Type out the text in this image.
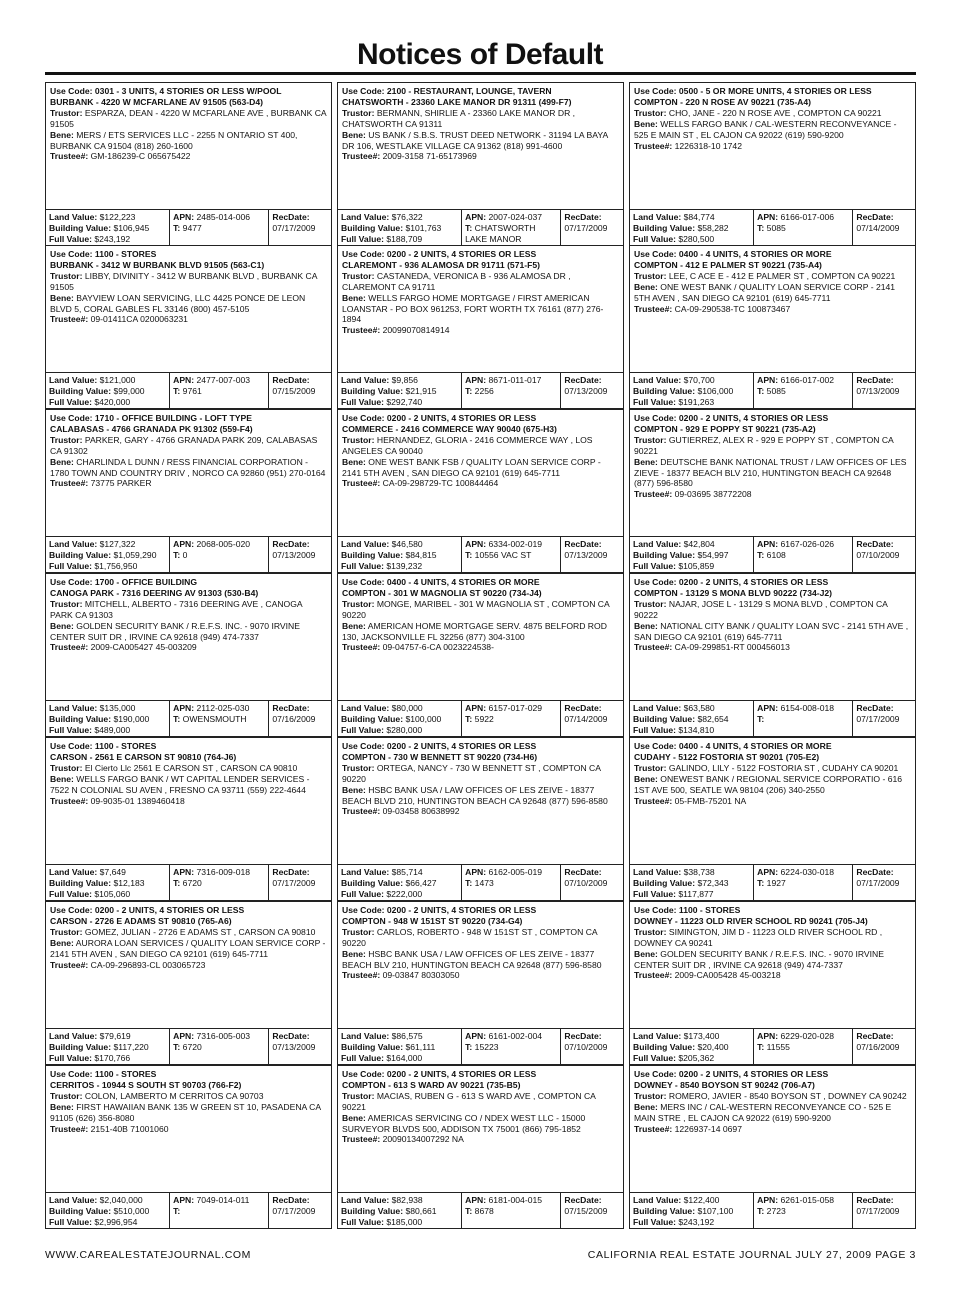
Notices of Default
Use Code: 0301 - 3 UNITS, 4 STORIES OR LESS W/POOL
BURBANK - 4220 W MCFARLANE AV 91505 (563-D4)
Trustor: ESPARZA, DEAN - 4220 W MCFARLANE AVE , BURBANK CA 91505
Bene: MERS / ETS SERVICES LLC - 2255 N ONTARIO ST 400, BURBANK CA 91504 (818) 260-1600
Trustee#: GM-186239-C 065675422
Land Value: $122,223
Building Value: $106,945
Full Value: $243,192
APN: 2485-014-006
T: 9477
RecDate:
07/17/2009
Use Code: 1100 - STORES
BURBANK - 3412 W BURBANK BLVD 91505 (563-C1)
Trustor: LIBBY, DIVINITY - 3412 W BURBANK BLVD , BURBANK CA 91505
Bene: BAYVIEW LOAN SERVICING, LLC 4425 PONCE DE LEON BLVD 5, CORAL GABLES FL 33146 (800) 457-5105
Trustee#: 09-01411CA 0200063231
Land Value: $121,000
Building Value: $99,000
Full Value: $420,000
APN: 2477-007-003
T: 9761
RecDate:
07/15/2009
Use Code: 1710 - OFFICE BUILDING - LOFT TYPE
CALABASAS - 4766 GRANADA PK 91302 (559-F4)
Trustor: PARKER, GARY - 4766 GRANADA PARK 209, CALABASAS CA 91302
Bene: CHARLINDA L DUNN / RESS FINANCIAL CORPORATION - 1780 TOWN AND COUNTRY DRIV , NORCO CA 92860 (951) 270-0164
Trustee#: 73775 PARKER
Land Value: $127,322
Building Value: $1,059,290
Full Value: $1,756,950
APN: 2068-005-020
T: 0
RecDate:
07/13/2009
Use Code: 1700 - OFFICE BUILDING
CANOGA PARK - 7316 DEERING AV 91303 (530-B4)
Trustor: MITCHELL, ALBERTO - 7316 DEERING AVE , CANOGA PARK CA 91303
Bene: GOLDEN SECURITY BANK / R.E.F.S. INC. - 9070 IRVINE CENTER SUIT DR , IRVINE CA 92618 (949) 474-7337
Trustee#: 2009-CA005427 45-003209
Land Value: $135,000
Building Value: $190,000
Full Value: $489,000
APN: 2112-025-030
T: OWENSMOUTH
RecDate:
07/16/2009
Use Code: 1100 - STORES
CARSON - 2561 E CARSON ST 90810 (764-J6)
Trustor: El Cierto Llc 2561 E CARSON ST , CARSON CA 90810
Bene: WELLS FARGO BANK / WT CAPITAL LENDER SERVICES - 7522 N COLONIAL SU AVEN , FRESNO CA 93711 (559) 222-4644
Trustee#: 09-9035-01 1389460418
Land Value: $7,649
Building Value: $12,183
Full Value: $105,060
APN: 7316-009-018
T: 6720
RecDate:
07/17/2009
Use Code: 0200 - 2 UNITS, 4 STORIES OR LESS
CARSON - 2726 E ADAMS ST 90810 (765-A6)
Trustor: GOMEZ, JULIAN - 2726 E ADAMS ST , CARSON CA 90810
Bene: AURORA LOAN SERVICES / QUALITY LOAN SERVICE CORP - 2141 5TH AVEN , SAN DIEGO CA 92101 (619) 645-7711
Trustee#: CA-09-296893-CL 003065723
Land Value: $79,619
Building Value: $117,220
Full Value: $170,766
APN: 7316-005-003
T: 6720
RecDate:
07/13/2009
Use Code: 1100 - STORES
CERRITOS - 10944 S SOUTH ST 90703 (766-F2)
Trustor: COLON, LAMBERTO M CERRITOS CA 90703
Bene: FIRST HAWAIIAN BANK 135 W GREEN ST 10, PASADENA CA 91105 (626) 356-8080
Trustee#: 2151-40B 71001060
Land Value: $2,040,000
Building Value: $510,000
Full Value: $2,996,954
APN: 7049-014-011
T:
RecDate:
07/17/2009
Use Code: 2100 - RESTAURANT, LOUNGE, TAVERN
CHATSWORTH - 23360 LAKE MANOR DR 91311 (499-F7)
Trustor: BERMANN, SHIRLIE A - 23360 LAKE MANOR DR , CHATSWORTH CA 91311
Bene: US BANK / S.B.S. TRUST DEED NETWORK - 31194 LA BAYA DR 106, WESTLAKE VILLAGE CA 91362 (818) 991-4600
Trustee#: 2009-3158 71-65173969
Land Value: $76,322
Building Value: $101,763
Full Value: $188,709
APN: 2007-024-037
T: CHATSWORTH LAKE MANOR
RecDate:
07/17/2009
Use Code: 0200 - 2 UNITS, 4 STORIES OR LESS
CLAREMONT - 936 ALAMOSA DR 91711 (571-F5)
Trustor: CASTANEDA, VERONICA B - 936 ALAMOSA DR , CLAREMONT CA 91711
Bene: WELLS FARGO HOME MORTGAGE / FIRST AMERICAN LOANSTAR - PO BOX 961253, FORT WORTH TX 76161 (877) 276-1894
Trustee#: 20099070814914
Land Value: $9,856
Building Value: $21,915
Full Value: $292,740
APN: 8671-011-017
T: 2256
RecDate:
07/13/2009
Use Code: 0200 - 2 UNITS, 4 STORIES OR LESS
COMMERCE - 2416 COMMERCE WAY 90040 (675-H3)
Trustor: HERNANDEZ, GLORIA - 2416 COMMERCE WAY , LOS ANGELES CA 90040
Bene: ONE WEST BANK FSB / QUALITY LOAN SERVICE CORP - 2141 5TH AVEN , SAN DIEGO CA 92101 (619) 645-7711
Trustee#: CA-09-298729-TC 100844464
Land Value: $46,580
Building Value: $84,815
Full Value: $139,232
APN: 6334-002-019
T: 10556 VAC ST
RecDate:
07/13/2009
Use Code: 0400 - 4 UNITS, 4 STORIES OR MORE
COMPTON - 301 W MAGNOLIA ST 90220 (734-J4)
Trustor: MONGE, MARIBEL - 301 W MAGNOLIA ST , COMPTON CA 90220
Bene: AMERICAN HOME MORTGAGE SERV. 4875 BELFORD ROD 130, JACKSONVILLE FL 32256 (877) 304-3100
Trustee#: 09-04757-6-CA 0023224538-
Land Value: $80,000
Building Value: $100,000
Full Value: $280,000
APN: 6157-017-029
T: 5922
RecDate:
07/14/2009
Use Code: 0200 - 2 UNITS, 4 STORIES OR LESS
COMPTON - 730 W BENNETT ST 90220 (734-H6)
Trustor: ORTEGA, NANCY - 730 W BENNETT ST , COMPTON CA 90220
Bene: HSBC BANK USA / LAW OFFICES OF LES ZEIVE - 18377 BEACH BLVD 210, HUNTINGTON BEACH CA 92648 (877) 596-8580
Trustee#: 09-03458 80638992
Land Value: $85,714
Building Value: $66,427
Full Value: $222,000
APN: 6162-005-019
T: 1473
RecDate:
07/10/2009
Use Code: 0200 - 2 UNITS, 4 STORIES OR LESS
COMPTON - 948 W 151ST ST 90220 (734-G4)
Trustor: CARLOS, ROBERTO - 948 W 151ST ST , COMPTON CA 90220
Bene: HSBC BANK USA / LAW OFFICES OF LES ZEIVE - 18377 BEACH BLV 210, HUNTINGTON BEACH CA 92648 (877) 596-8580
Trustee#: 09-03847 80303050
Land Value: $86,575
Building Value: $61,111
Full Value: $164,000
APN: 6161-002-004
T: 15223
RecDate:
07/10/2009
Use Code: 0200 - 2 UNITS, 4 STORIES OR LESS
COMPTON - 613 S WARD AV 90221 (735-B5)
Trustor: MACIAS, RUBEN G - 613 S WARD AVE , COMPTON CA 90221
Bene: AMERICAS SERVICING CO / NDEX WEST LLC - 15000 SURVEYOR BLVDS 500, ADDISON TX 75001 (866) 795-1852
Trustee#: 20090134007292 NA
Land Value: $82,938
Building Value: $80,661
Full Value: $185,000
APN: 6181-004-015
T: 8678
RecDate:
07/15/2009
Use Code: 0500 - 5 OR MORE UNITS, 4 STORIES OR LESS
COMPTON - 220 N ROSE AV 90221 (735-A4)
Trustor: CHO, JANE - 220 N ROSE AVE , COMPTON CA 90221
Bene: WELLS FARGO BANK / CAL-WESTERN RECONVEYANCE - 525 E MAIN ST , EL CAJON CA 92022 (619) 590-9200
Trustee#: 1226318-10 1742
Land Value: $84,774
Building Value: $58,282
Full Value: $280,500
APN: 6166-017-006
T: 5085
RecDate:
07/14/2009
Use Code: 0400 - 4 UNITS, 4 STORIES OR MORE
COMPTON - 412 E PALMER ST 90221 (735-A4)
Trustor: LEE, C ACE E - 412 E PALMER ST , COMPTON CA 90221
Bene: ONE WEST BANK / QUALITY LOAN SERVICE CORP - 2141 5TH AVEN , SAN DIEGO CA 92101 (619) 645-7711
Trustee#: CA-09-290538-TC 100873467
Land Value: $70,700
Building Value: $106,000
Full Value: $191,263
APN: 6166-017-002
T: 5085
RecDate:
07/13/2009
Use Code: 0200 - 2 UNITS, 4 STORIES OR LESS
COMPTON - 929 E POPPY ST 90221 (735-A2)
Trustor: GUTIERREZ, ALEX R - 929 E POPPY ST , COMPTON CA 90221
Bene: DEUTSCHE BANK NATIONAL TRUST / LAW OFFICES OF LES ZIEVE - 18377 BEACH BLV 210, HUNTINGTON BEACH CA 92648 (877) 596-8580
Trustee#: 09-03695 38772208
Land Value: $42,804
Building Value: $54,997
Full Value: $105,859
APN: 6167-026-026
T: 6108
RecDate:
07/10/2009
Use Code: 0200 - 2 UNITS, 4 STORIES OR LESS
COMPTON - 13129 S MONA BLVD 90222 (734-J2)
Trustor: NAJAR, JOSE L - 13129 S MONA BLVD , COMPTON CA 90222
Bene: NATIONAL CITY BANK / QUALITY LOAN SVC - 2141 5TH AVE , SAN DIEGO CA 92101 (619) 645-7711
Trustee#: CA-09-299851-RT 000456013
Land Value: $63,580
Building Value: $82,654
Full Value: $134,810
APN: 6154-008-018
T:
RecDate:
07/17/2009
Use Code: 0400 - 4 UNITS, 4 STORIES OR MORE
CUDAHY - 5122 FOSTORIA ST 90201 (705-E2)
Trustor: GALINDO, LILY - 5122 FOSTORIA ST , CUDAHY CA 90201
Bene: ONEWEST BANK / REGIONAL SERVICE CORPORATIO - 616 1ST AVE 500, SEATLE WA 98104 (206) 340-2550
Trustee#: 05-FMB-75201 NA
Land Value: $38,738
Building Value: $72,343
Full Value: $117,877
APN: 6224-030-018
T: 1927
RecDate:
07/17/2009
Use Code: 1100 - STORES
DOWNEY - 11223 OLD RIVER SCHOOL RD 90241 (705-J4)
Trustor: SIMINGTON, JIM D - 11223 OLD RIVER SCHOOL RD , DOWNEY CA 90241
Bene: GOLDEN SECURITY BANK / R.E.F.S. INC. - 9070 IRVINE CENTER SUIT DR , IRVINE CA 92618 (949) 474-7337
Trustee#: 2009-CA005428 45-003218
Land Value: $173,400
Building Value: $20,400
Full Value: $205,362
APN: 6229-020-028
T: 11555
RecDate:
07/16/2009
Use Code: 0200 - 2 UNITS, 4 STORIES OR LESS
DOWNEY - 8540 BOYSON ST 90242 (706-A7)
Trustor: ROMERO, JAVIER - 8540 BOYSON ST , DOWNEY CA 90242
Bene: MERS INC / CAL-WESTERN RECONVEYANCE CO - 525 E MAIN STRE , EL CAJON CA 92022 (619) 590-9200
Trustee#: 1226937-14 0697
Land Value: $122,400
Building Value: $107,100
Full Value: $243,192
APN: 6261-015-058
T: 2723
RecDate:
07/17/2009
WWW.CAREALESTATEJOURNAL.COM	CALIFORNIA REAL ESTATE JOURNAL JULY 27, 2009 PAGE 3
